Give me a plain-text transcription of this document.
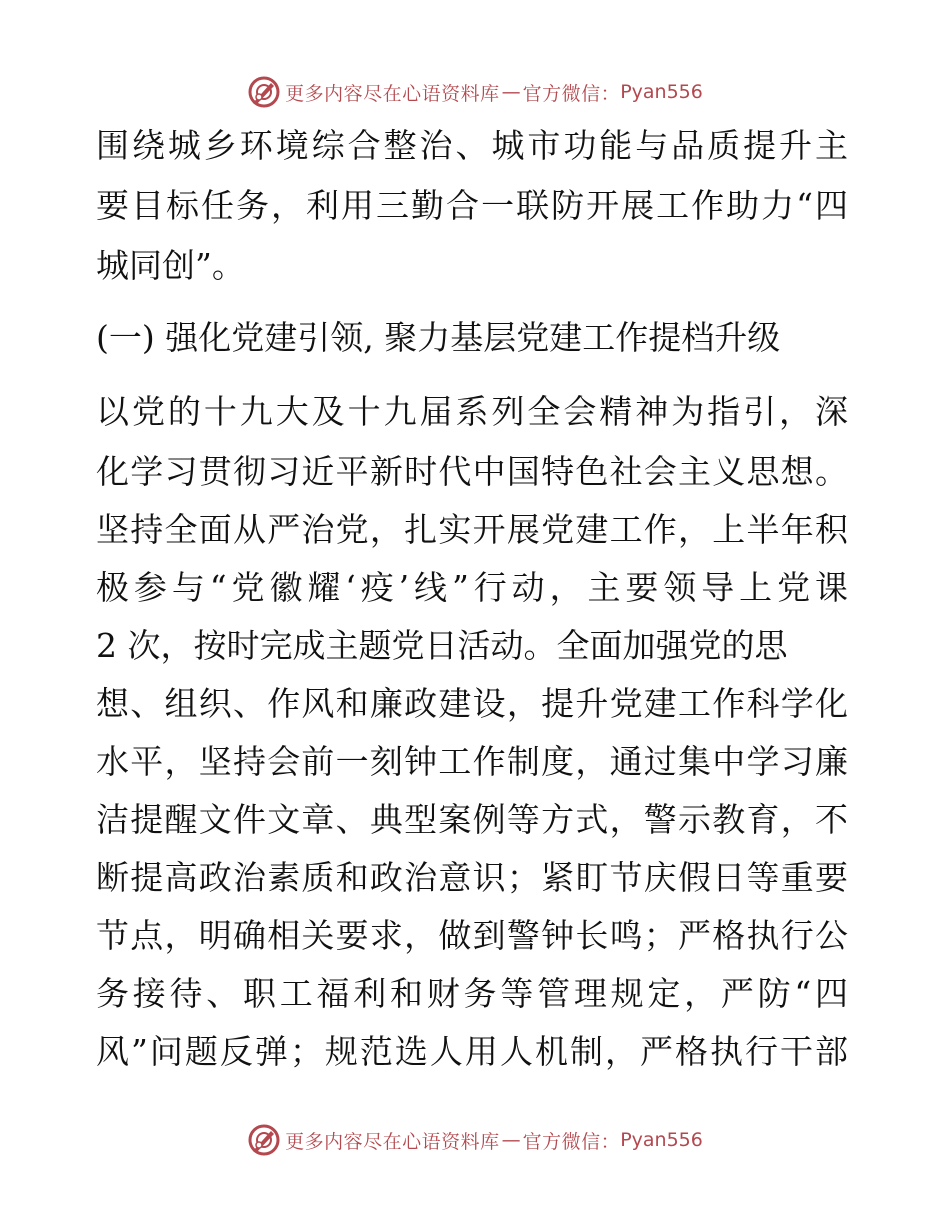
更多内容尽在心语资料库 — 官方微信： Pyan556
围绕城乡环境综合整治、城市功能与品质提升主
要目标任务，利用三勤合一联防开展工作助力“四
城同创”。
(一) 强化党建引领, 聚力基层党建工作提档升级
以党的十九大及十九届系列全会精神为指引，深
化学习贯彻习近平新时代中国特色社会主义思想。
坚持全面从严治党，扎实开展党建工作，上半年积
极参与“党徽耀‘疫’线”行动，主要领导上党课
2 次，按时完成主题党日活动。全面加强党的思
想、组织、作风和廉政建设，提升党建工作科学化
水平，坚持会前一刻钟工作制度，通过集中学习廉
洁提醒文件文章、典型案例等方式，警示教育，不
断提高政治素质和政治意识；紧盯节庆假日等重要
节点，明确相关要求，做到警钟长鸣；严格执行公
务接待、职工福利和财务等管理规定，严防“四
风”问题反弹；规范选人用人机制，严格执行干部
更多内容尽在心语资料库 — 官方微信： Pyan556
